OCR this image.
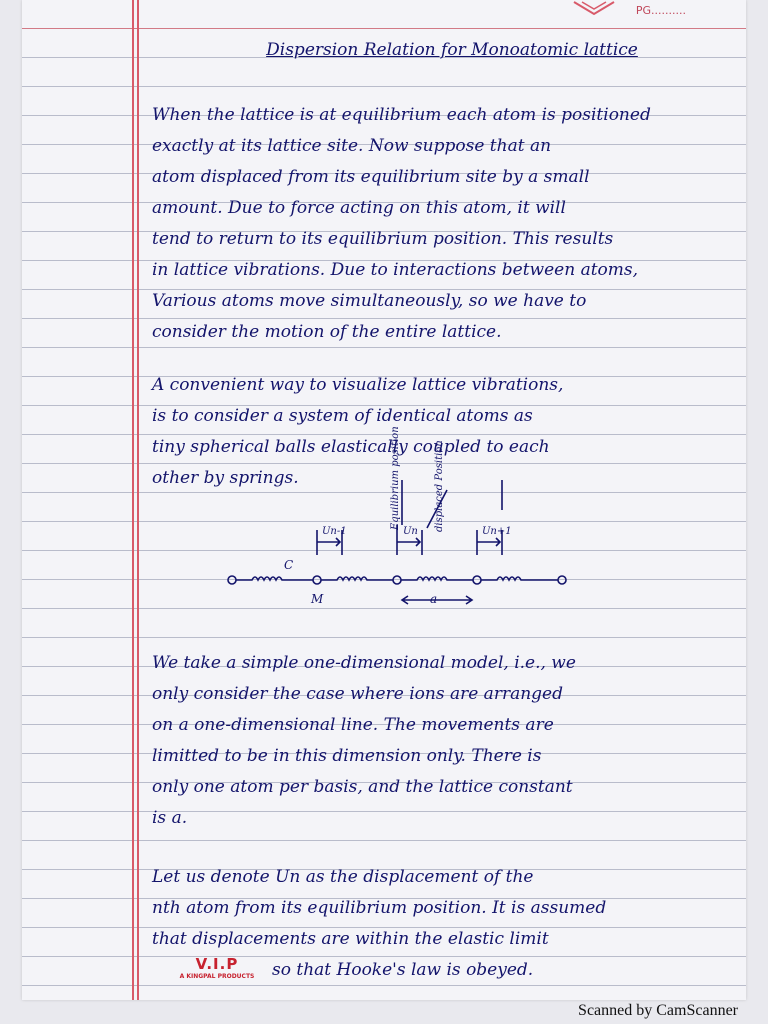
PG..........
Dispersion Relation for Monoatomic lattice
When the lattice is at equilibrium each atom is positioned
exactly at its lattice site. Now suppose that an
atom displaced from its equilibrium site by a small
amount. Due to force acting on this atom, it will
tend to return to its equilibrium position. This results
in lattice vibrations. Due to interactions between atoms,
Various atoms move simultaneously, so we have to
consider the motion of the entire lattice.
A convenient way to visualize lattice vibrations,
is to consider a system of identical atoms as
tiny spherical balls elastically coupled to each
other by springs.
C
M	a
Un-1	Un	Un+1
Equilibrium position	displaced Position
We take a simple one-dimensional model, i.e., we
only consider the case where ions are arranged
on a one-dimensional line. The movements are
limitted to be in this dimension only. There is
only one atom per basis, and the lattice constant
is a.
Let us denote Un as the displacement of the
nth atom from its equilibrium position. It is assumed
that displacements are within the elastic limit
so that Hooke's law is obeyed.
V.I.P
A KINGPAL PRODUCTS
Scanned by CamScanner
